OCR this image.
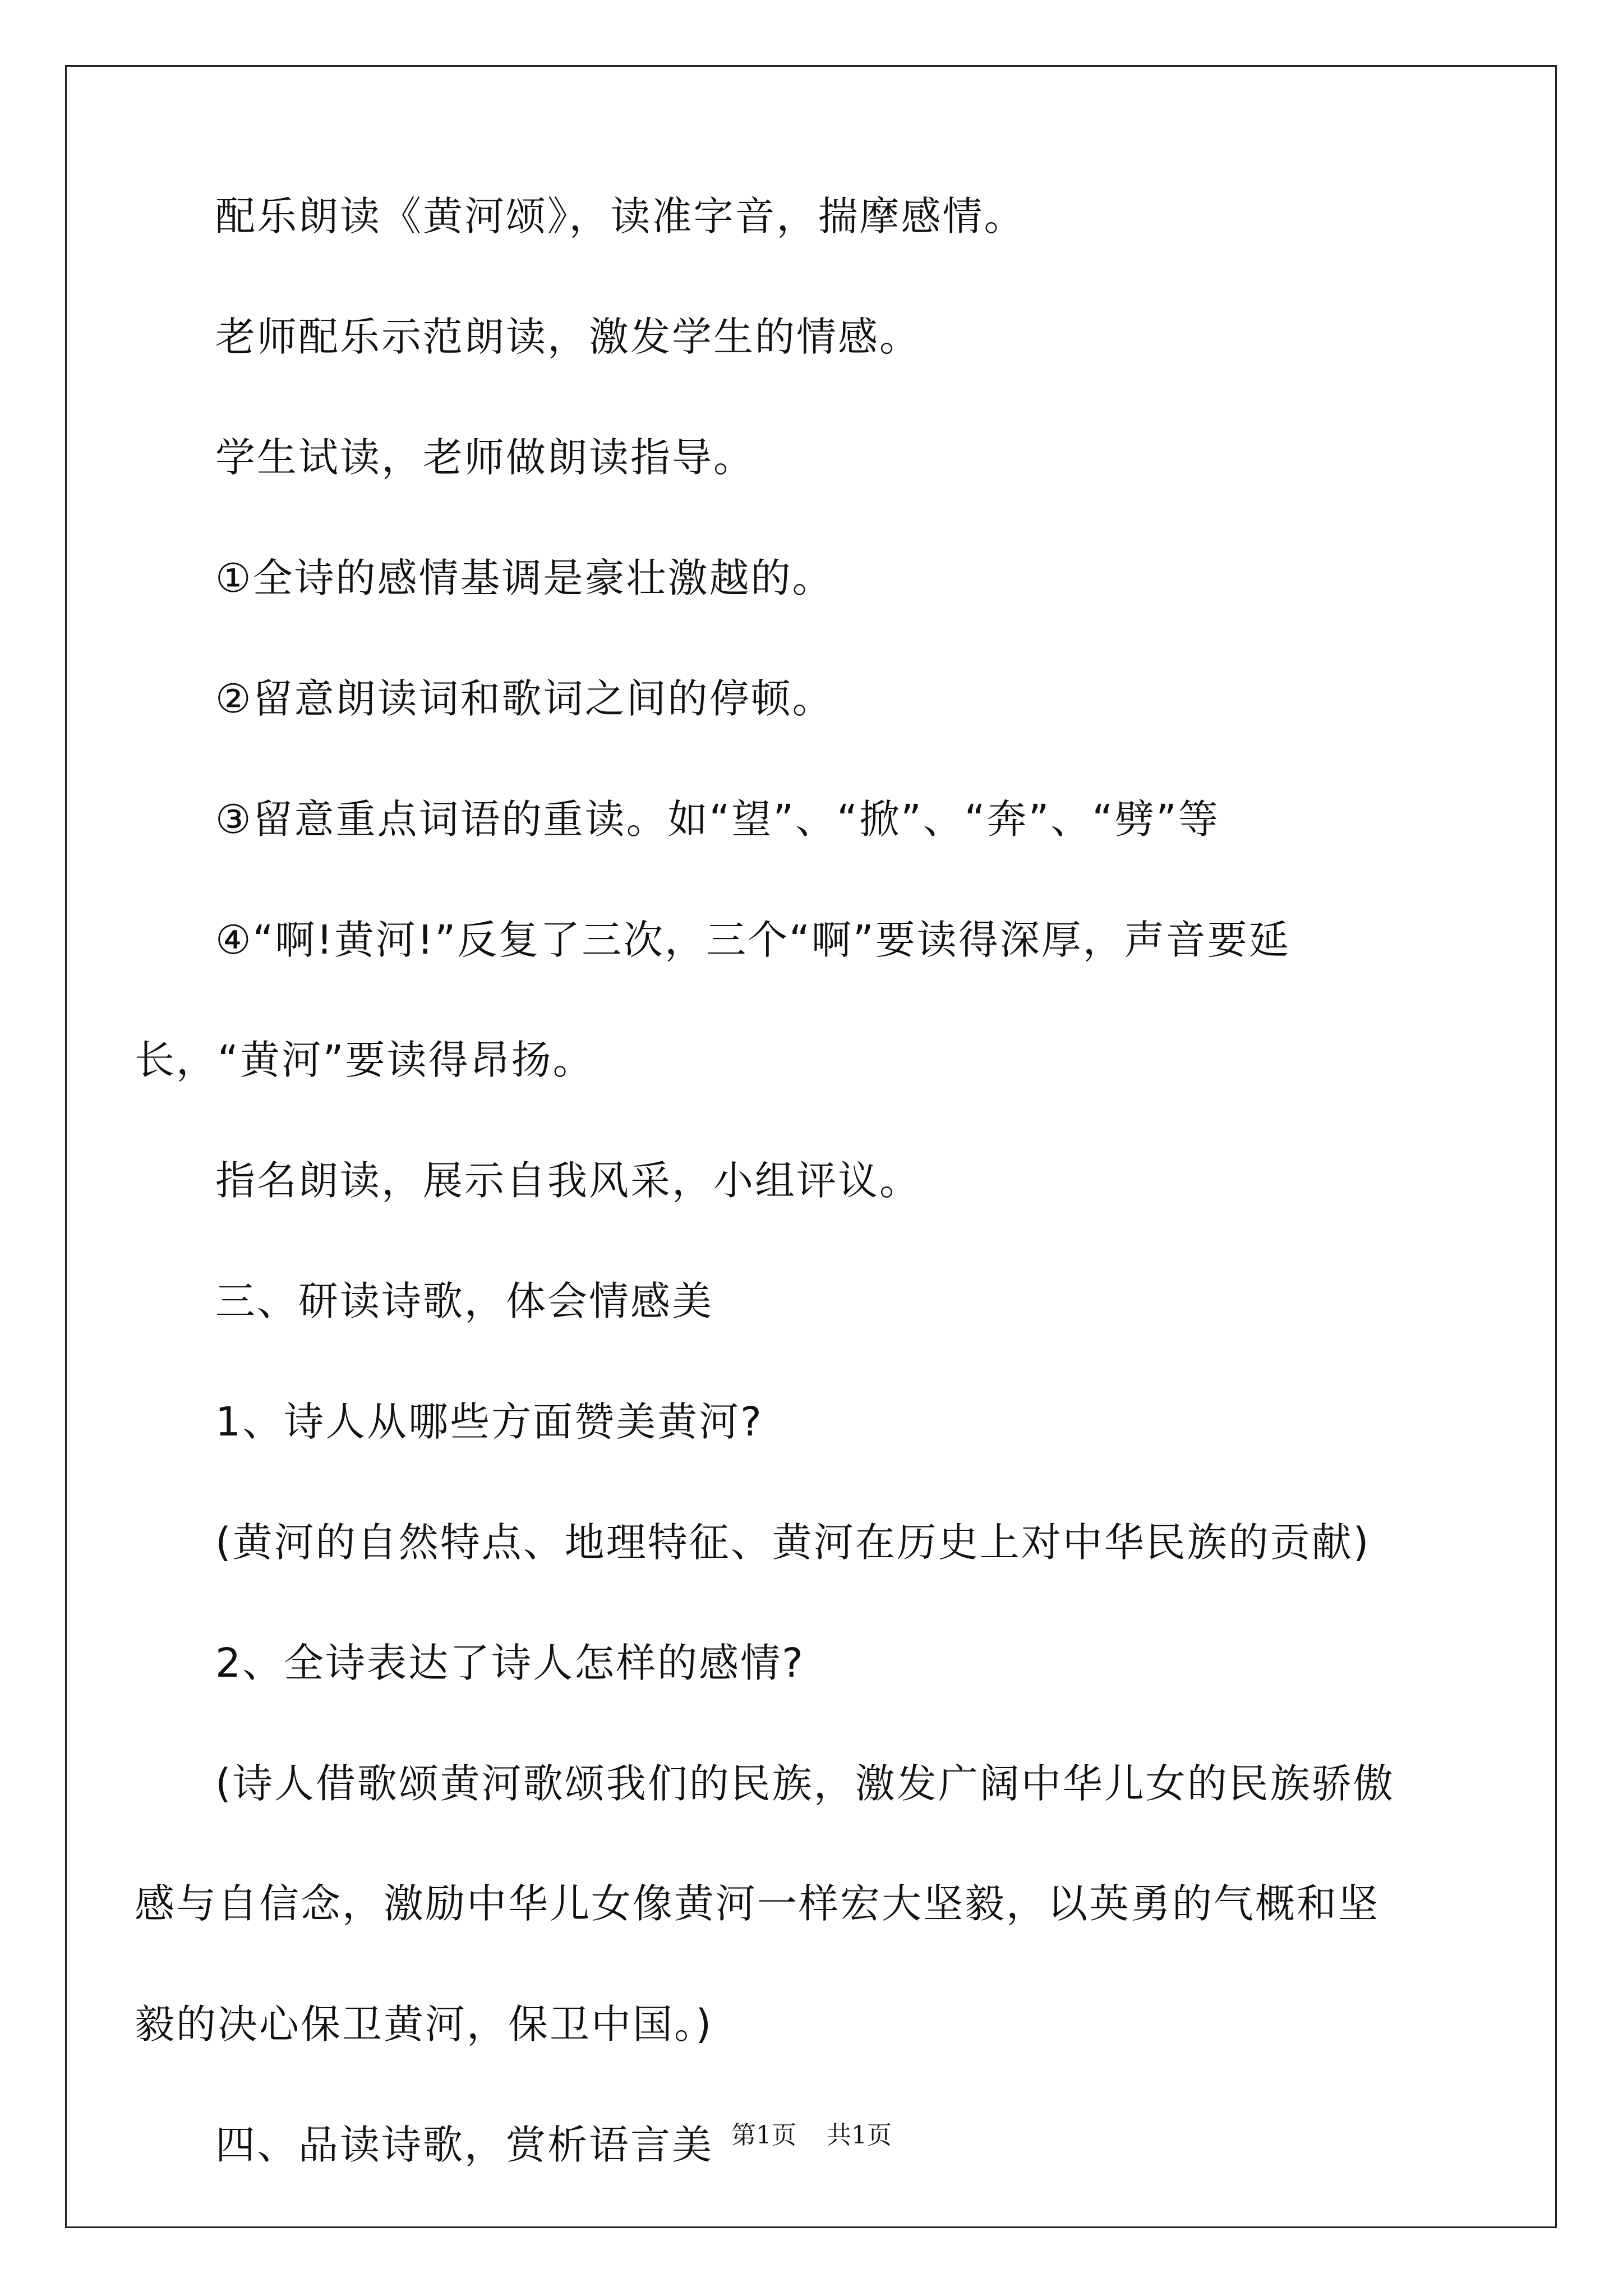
配乐朗读《黄河颂》，读准字音，揣摩感情。

老师配乐示范朗读，激发学生的情感。

学生试读，老师做朗读指导。

①全诗的感情基调是豪壮激越的。

②留意朗读词和歌词之间的停顿。

③留意重点词语的重读。如“望”、“掀”、“奔”、“劈”等

④“啊!黄河!”反复了三次，三个“啊”要读得深厚，声音要延

长，“黄河”要读得昂扬。

指名朗读，展示自我风采，小组评议。

三、研读诗歌，体会情感美

1、诗人从哪些方面赞美黄河?

(黄河的自然特点、地理特征、黄河在历史上对中华民族的贡献)

2、全诗表达了诗人怎样的感情?

(诗人借歌颂黄河歌颂我们的民族，激发广阔中华儿女的民族骄傲

感与自信念，激励中华儿女像黄河一样宏大坚毅，以英勇的气概和坚

毅的决心保卫黄河，保卫中国。)

四、品读诗歌，赏析语言美 第1页 共1页
